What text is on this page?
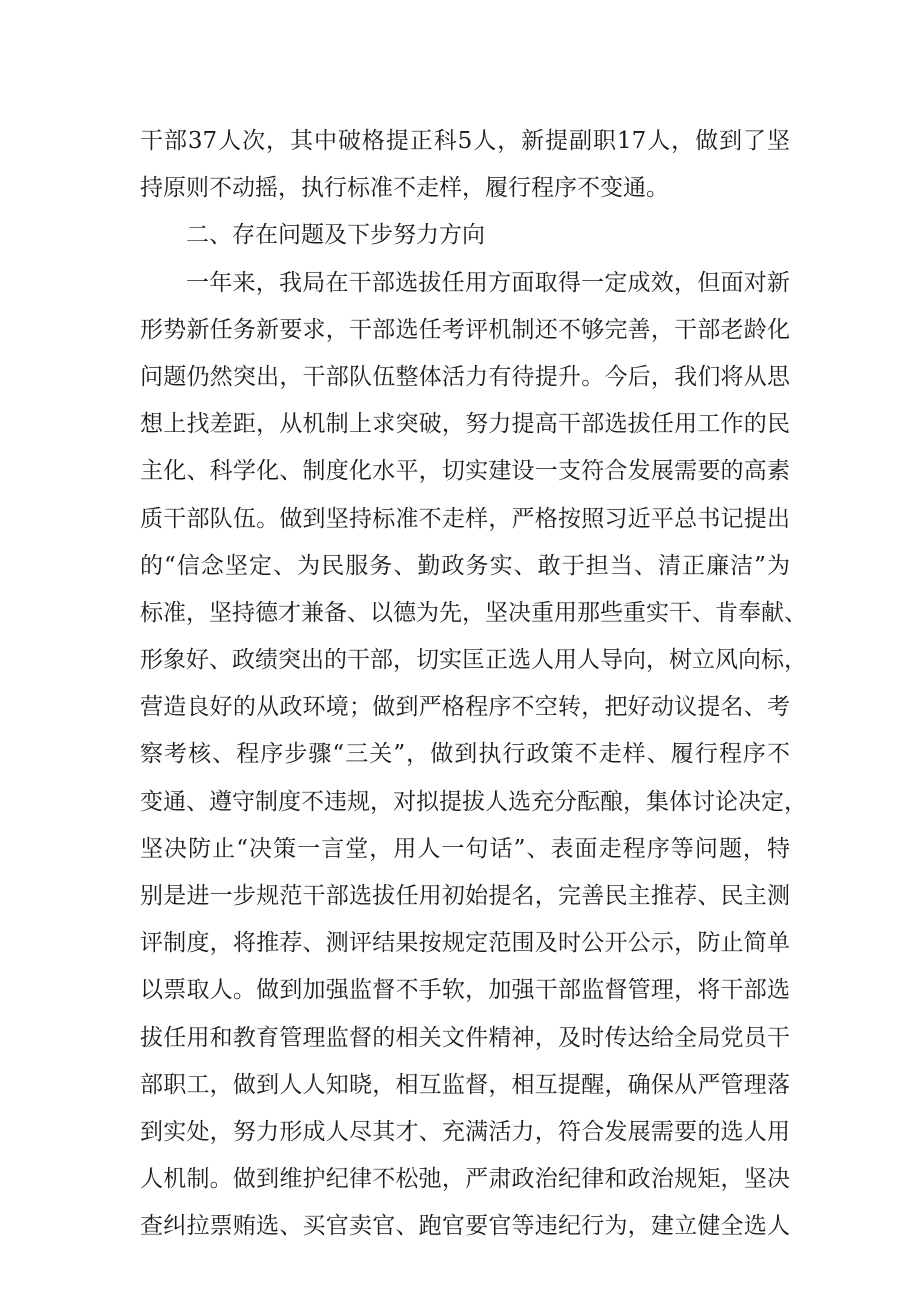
干部37人次，其中破格提正科5人，新提副职17人，做到了坚
持原则不动摇，执行标准不走样，履行程序不变通。
二、存在问题及下步努力方向
一年来，我局在干部选拔任用方面取得一定成效，但面对新
形势新任务新要求，干部选任考评机制还不够完善，干部老龄化
问题仍然突出，干部队伍整体活力有待提升。今后，我们将从思
想上找差距，从机制上求突破，努力提高干部选拔任用工作的民
主化、科学化、制度化水平，切实建设一支符合发展需要的高素
质干部队伍。做到坚持标准不走样，严格按照习近平总书记提出
的“信念坚定、为民服务、勤政务实、敢于担当、清正廉洁”为
标准，坚持德才兼备、以德为先，坚决重用那些重实干、肯奉献、
形象好、政绩突出的干部，切实匡正选人用人导向，树立风向标，
营造良好的从政环境；做到严格程序不空转，把好动议提名、考
察考核、程序步骤“三关”，做到执行政策不走样、履行程序不
变通、遵守制度不违规，对拟提拔人选充分酝酿，集体讨论决定，
坚决防止“决策一言堂，用人一句话”、表面走程序等问题，特
别是进一步规范干部选拔任用初始提名，完善民主推荐、民主测
评制度，将推荐、测评结果按规定范围及时公开公示，防止简单
以票取人。做到加强监督不手软，加强干部监督管理，将干部选
拔任用和教育管理监督的相关文件精神，及时传达给全局党员干
部职工，做到人人知晓，相互监督，相互提醒，确保从严管理落
到实处，努力形成人尽其才、充满活力，符合发展需要的选人用
人机制。做到维护纪律不松弛，严肃政治纪律和政治规矩，坚决
查纠拉票贿选、买官卖官、跑官要官等违纪行为，建立健全选人
